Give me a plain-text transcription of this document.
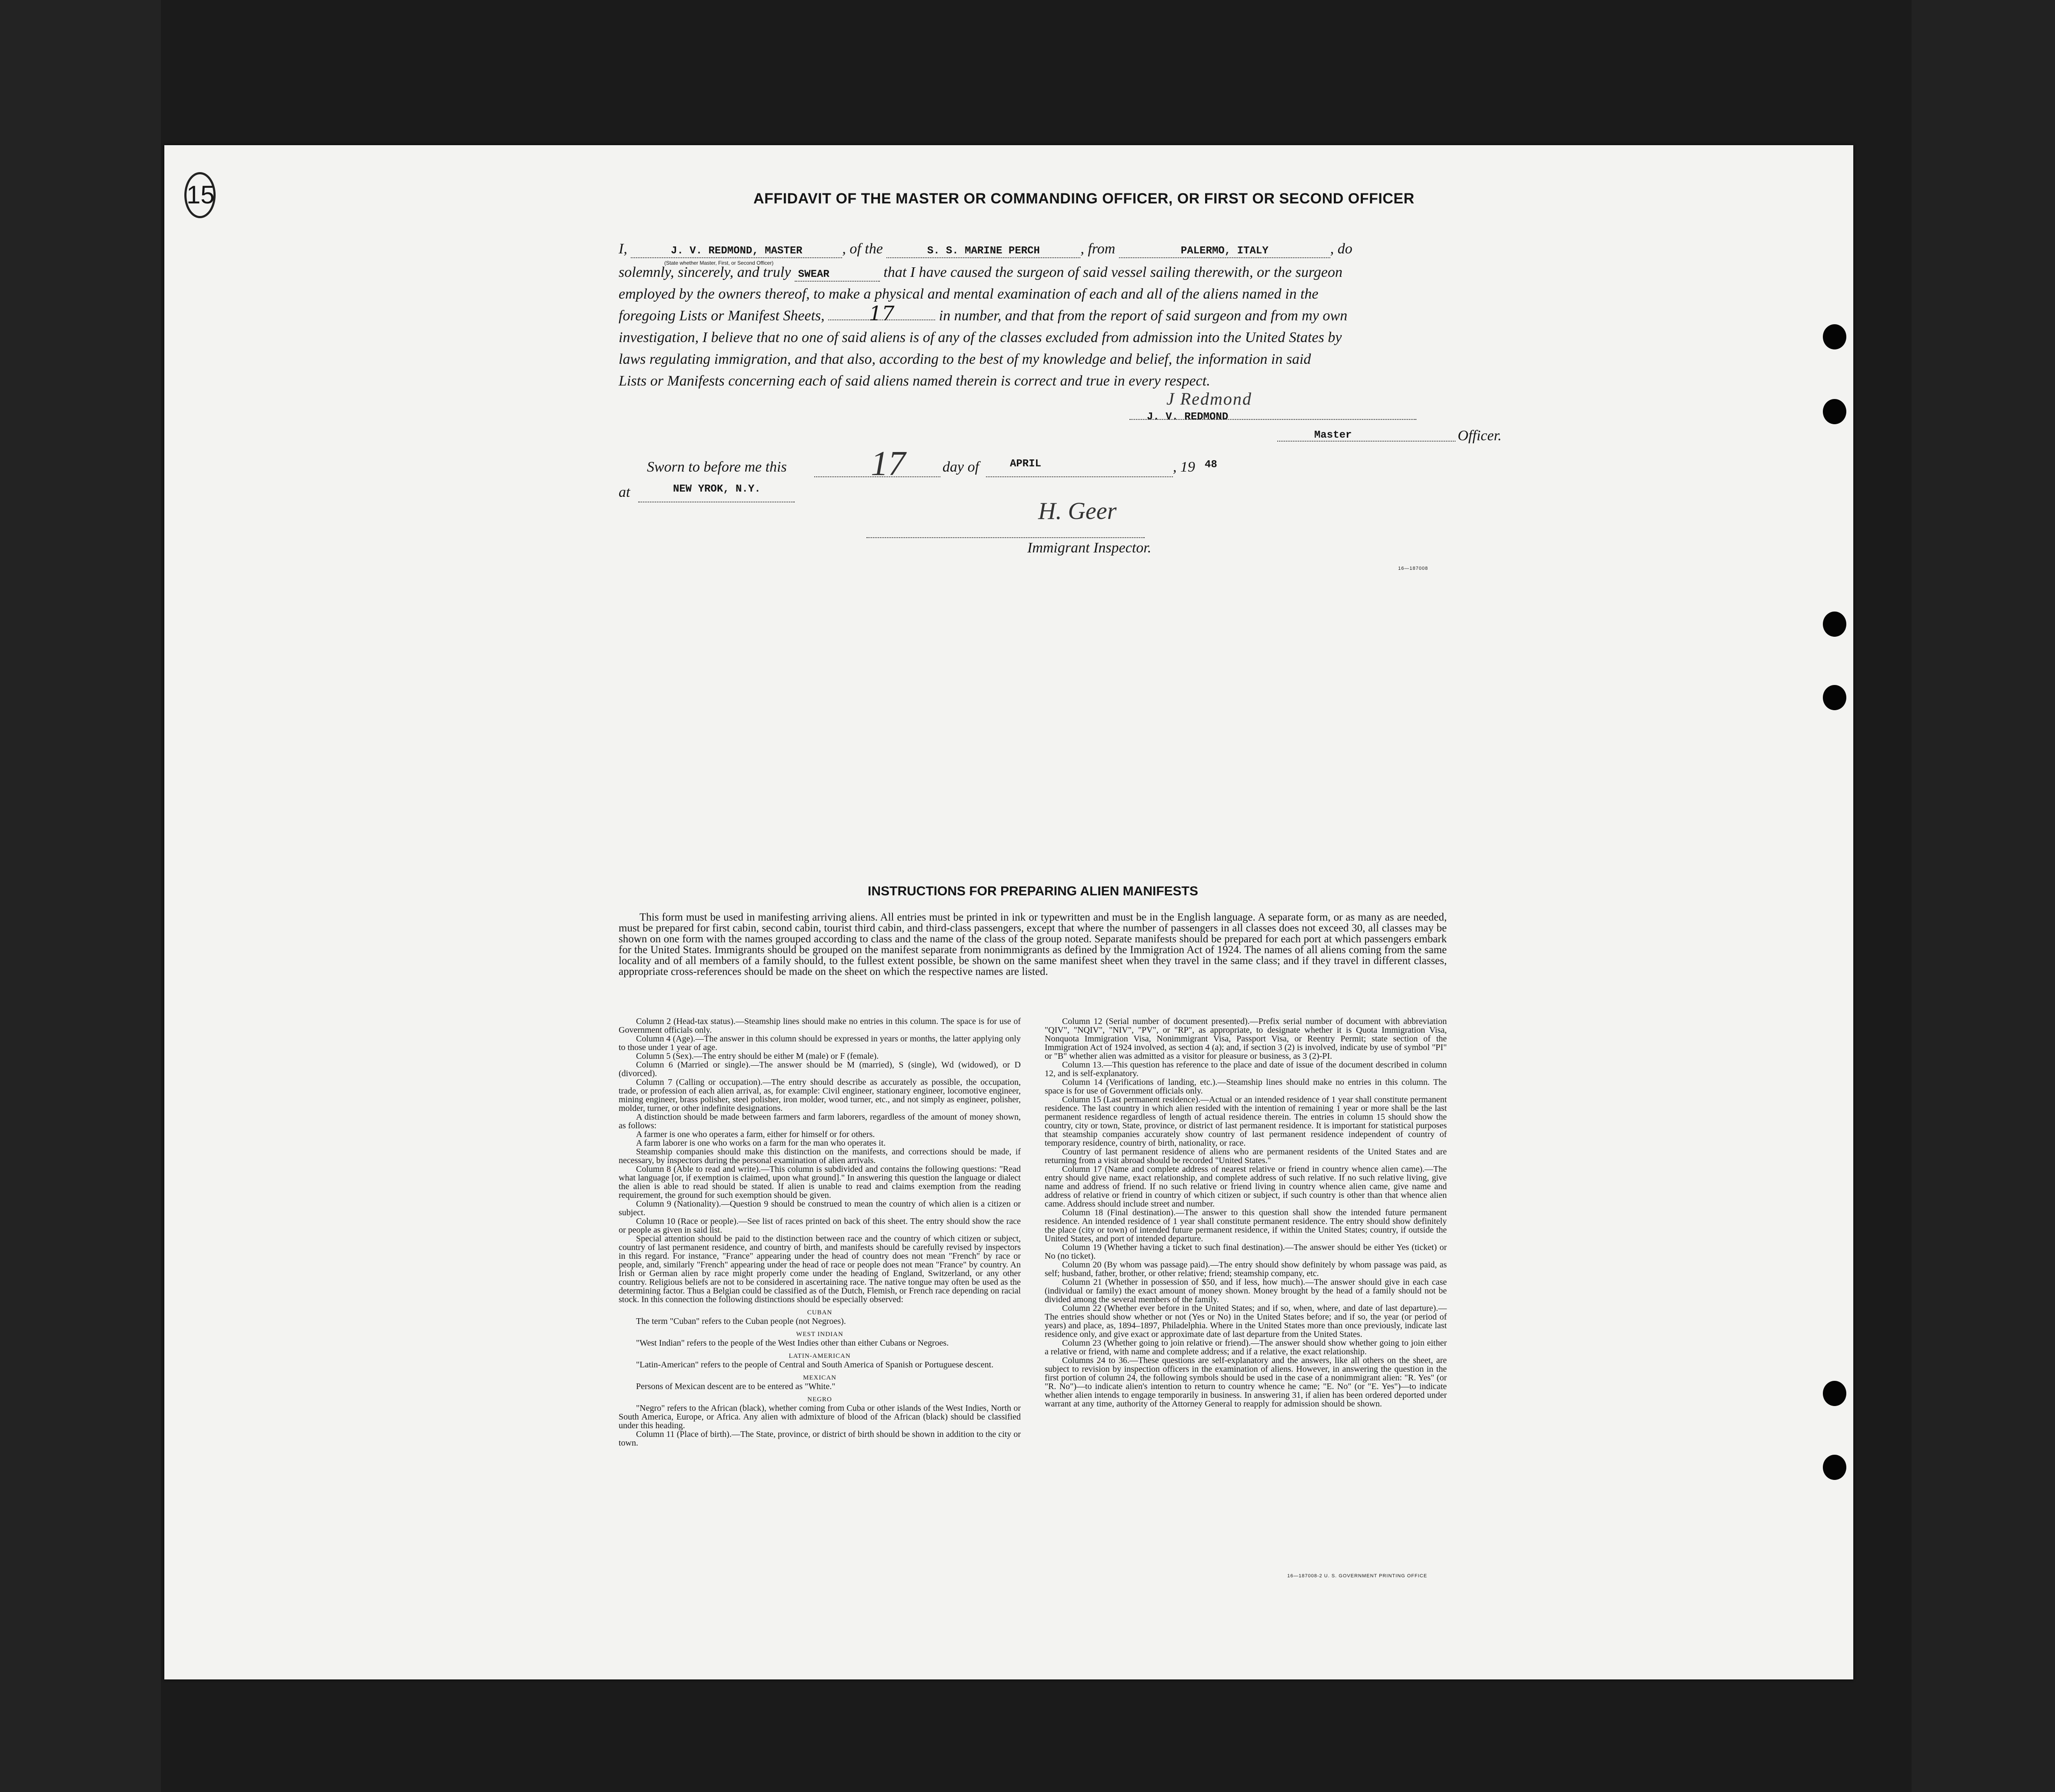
15	AFFIDAVIT OF THE MASTER OR COMMANDING OFFICER, OR FIRST OR SECOND OFFICER
I,	J. V. REDMOND, MASTER	, of the	S. S. MARINE PERCH	, from	PALERMO, ITALY	, do
(State whether Master, First, or Second Officer)
solemnly, sincerely, and truly SWEAR	that I have caused the surgeon of said vessel sailing therewith, or the surgeon
employed by the owners thereof, to make a physical and mental examination of each and all of the aliens named in the
foregoing Lists or Manifest Sheets, 17	in number, and that from the report of said surgeon and from my own
investigation, I believe that no one of said aliens is of any of the classes excluded from admission into the United States by
laws regulating immigration, and that also, according to the best of my knowledge and belief, the information in said
Lists or Manifests concerning each of said aliens named therein is correct and true in every respect.
J Redmond
J. V. REDMOND
Master	Officer.
Sworn to before me this 17	day of	APRIL	, 19 48
at	NEW YROK, N.Y.
H. Geer
Immigrant Inspector.
16—187008
INSTRUCTIONS FOR PREPARING ALIEN MANIFESTS
This form must be used in manifesting arriving aliens. All entries must be printed in ink or typewritten and must be in the English language. A separate form, or as many as are needed, must be prepared for first cabin, second cabin, tourist third cabin, and third-class passengers, except that where the number of passengers in all classes does not exceed 30, all classes may be shown on one form with the names grouped according to class and the name of the class of the group noted. Separate manifests should be prepared for each port at which passengers embark for the United States. Immigrants should be grouped on the manifest separate from nonimmigrants as defined by the Immigration Act of 1924. The names of all aliens coming from the same locality and of all members of a family should, to the fullest extent possible, be shown on the same manifest sheet when they travel in the same class; and if they travel in different classes, appropriate cross-references should be made on the sheet on which the respective names are listed.

Column 2 (Head-tax status).—Steamship lines should make no entries in this column. The space is for use of Government officials only.

Column 4 (Age).—The answer in this column should be expressed in years or months, the latter applying only to those under 1 year of age.

Column 5 (Sex).—The entry should be either M (male) or F (female).

Column 6 (Married or single).—The answer should be M (married), S (single), Wd (widowed), or D (divorced).

Column 7 (Calling or occupation).—The entry should describe as accurately as possible, the occupation, trade, or profession of each alien arrival, as, for example: Civil engineer, stationary engineer, locomotive engineer, mining engineer, brass polisher, steel polisher, iron molder, wood turner, etc., and not simply as engineer, polisher, molder, turner, or other indefinite designations.

A distinction should be made between farmers and farm laborers, regardless of the amount of money shown, as follows:

A farmer is one who operates a farm, either for himself or for others.

A farm laborer is one who works on a farm for the man who operates it.

Steamship companies should make this distinction on the manifests, and corrections should be made, if necessary, by inspectors during the personal examination of alien arrivals.

Column 8 (Able to read and write).—This column is subdivided and contains the following questions: "Read what language [or, if exemption is claimed, upon what ground]." In answering this question the language or dialect the alien is able to read should be stated. If alien is unable to read and claims exemption from the reading requirement, the ground for such exemption should be given.

Column 9 (Nationality).—Question 9 should be construed to mean the country of which alien is a citizen or subject.

Column 10 (Race or people).—See list of races printed on back of this sheet. The entry should show the race or people as given in said list.

Special attention should be paid to the distinction between race and the country of which citizen or subject, country of last permanent residence, and country of birth, and manifests should be carefully revised by inspectors in this regard. For instance, "France" appearing under the head of country does not mean "French" by race or people, and, similarly "French" appearing under the head of race or people does not mean "France" by country. An Irish or German alien by race might properly come under the heading of England, Switzerland, or any other country. Religious beliefs are not to be considered in ascertaining race. The native tongue may often be used as the determining factor. Thus a Belgian could be classified as of the Dutch, Flemish, or French race depending on racial stock. In this connection the following distinctions should be especially observed:

CUBAN

The term "Cuban" refers to the Cuban people (not Negroes).

WEST INDIAN

"West Indian" refers to the people of the West Indies other than either Cubans or Negroes.

LATIN-AMERICAN

"Latin-American" refers to the people of Central and South America of Spanish or Portuguese descent.

MEXICAN

Persons of Mexican descent are to be entered as "White."

NEGRO

"Negro" refers to the African (black), whether coming from Cuba or other islands of the West Indies, North or South America, Europe, or Africa. Any alien with admixture of blood of the African (black) should be classified under this heading.

Column 11 (Place of birth).—The State, province, or district of birth should be shown in addition to the city or town.

Column 12 (Serial number of document presented).—Prefix serial number of document with abbreviation "QIV", "NQIV", "NIV", "PV", or "RP", as appropriate, to designate whether it is Quota Immigration Visa, Nonquota Immigration Visa, Nonimmigrant Visa, Passport Visa, or Reentry Permit; state section of the Immigration Act of 1924 involved, as section 4 (a); and, if section 3 (2) is involved, indicate by use of symbol "PI" or "B" whether alien was admitted as a visitor for pleasure or business, as 3 (2)-PI.

Column 13.—This question has reference to the place and date of issue of the document described in column 12, and is self-explanatory.

Column 14 (Verifications of landing, etc.).—Steamship lines should make no entries in this column. The space is for use of Government officials only.

Column 15 (Last permanent residence).—Actual or an intended residence of 1 year shall constitute permanent residence. The last country in which alien resided with the intention of remaining 1 year or more shall be the last permanent residence regardless of length of actual residence therein. The entries in column 15 should show the country, city or town, State, province, or district of last permanent residence. It is important for statistical purposes that steamship companies accurately show country of last permanent residence independent of country of temporary residence, country of birth, nationality, or race.

Country of last permanent residence of aliens who are permanent residents of the United States and are returning from a visit abroad should be recorded "United States."

Column 17 (Name and complete address of nearest relative or friend in country whence alien came).—The entry should give name, exact relationship, and complete address of such relative. If no such relative living, give name and address of friend. If no such relative or friend living in country whence alien came, give name and address of relative or friend in country of which citizen or subject, if such country is other than that whence alien came. Address should include street and number.

Column 18 (Final destination).—The answer to this question shall show the intended future permanent residence. An intended residence of 1 year shall constitute permanent residence. The entry should show definitely the place (city or town) of intended future permanent residence, if within the United States; country, if outside the United States, and port of intended departure.

Column 19 (Whether having a ticket to such final destination).—The answer should be either Yes (ticket) or No (no ticket).

Column 20 (By whom was passage paid).—The entry should show definitely by whom passage was paid, as self; husband, father, brother, or other relative; friend; steamship company, etc.

Column 21 (Whether in possession of $50, and if less, how much).—The answer should give in each case (individual or family) the exact amount of money shown. Money brought by the head of a family should not be divided among the several members of the family.

Column 22 (Whether ever before in the United States; and if so, when, where, and date of last departure).—The entries should show whether or not (Yes or No) in the United States before; and if so, the year (or period of years) and place, as, 1894–1897, Philadelphia. Where in the United States more than once previously, indicate last residence only, and give exact or approximate date of last departure from the United States.

Column 23 (Whether going to join relative or friend).—The answer should show whether going to join either a relative or friend, with name and complete address; and if a relative, the exact relationship.

Columns 24 to 36.—These questions are self-explanatory and the answers, like all others on the sheet, are subject to revision by inspection officers in the examination of aliens. However, in answering the question in the first portion of column 24, the following symbols should be used in the case of a nonimmigrant alien: "R. Yes" (or "R. No")—to indicate alien's intention to return to country whence he came; "E. No" (or "E. Yes")—to indicate whether alien intends to engage temporarily in business. In answering 31, if alien has been ordered deported under warrant at any time, authority of the Attorney General to reapply for admission should be shown.

16—187008-2 U. S. GOVERNMENT PRINTING OFFICE
